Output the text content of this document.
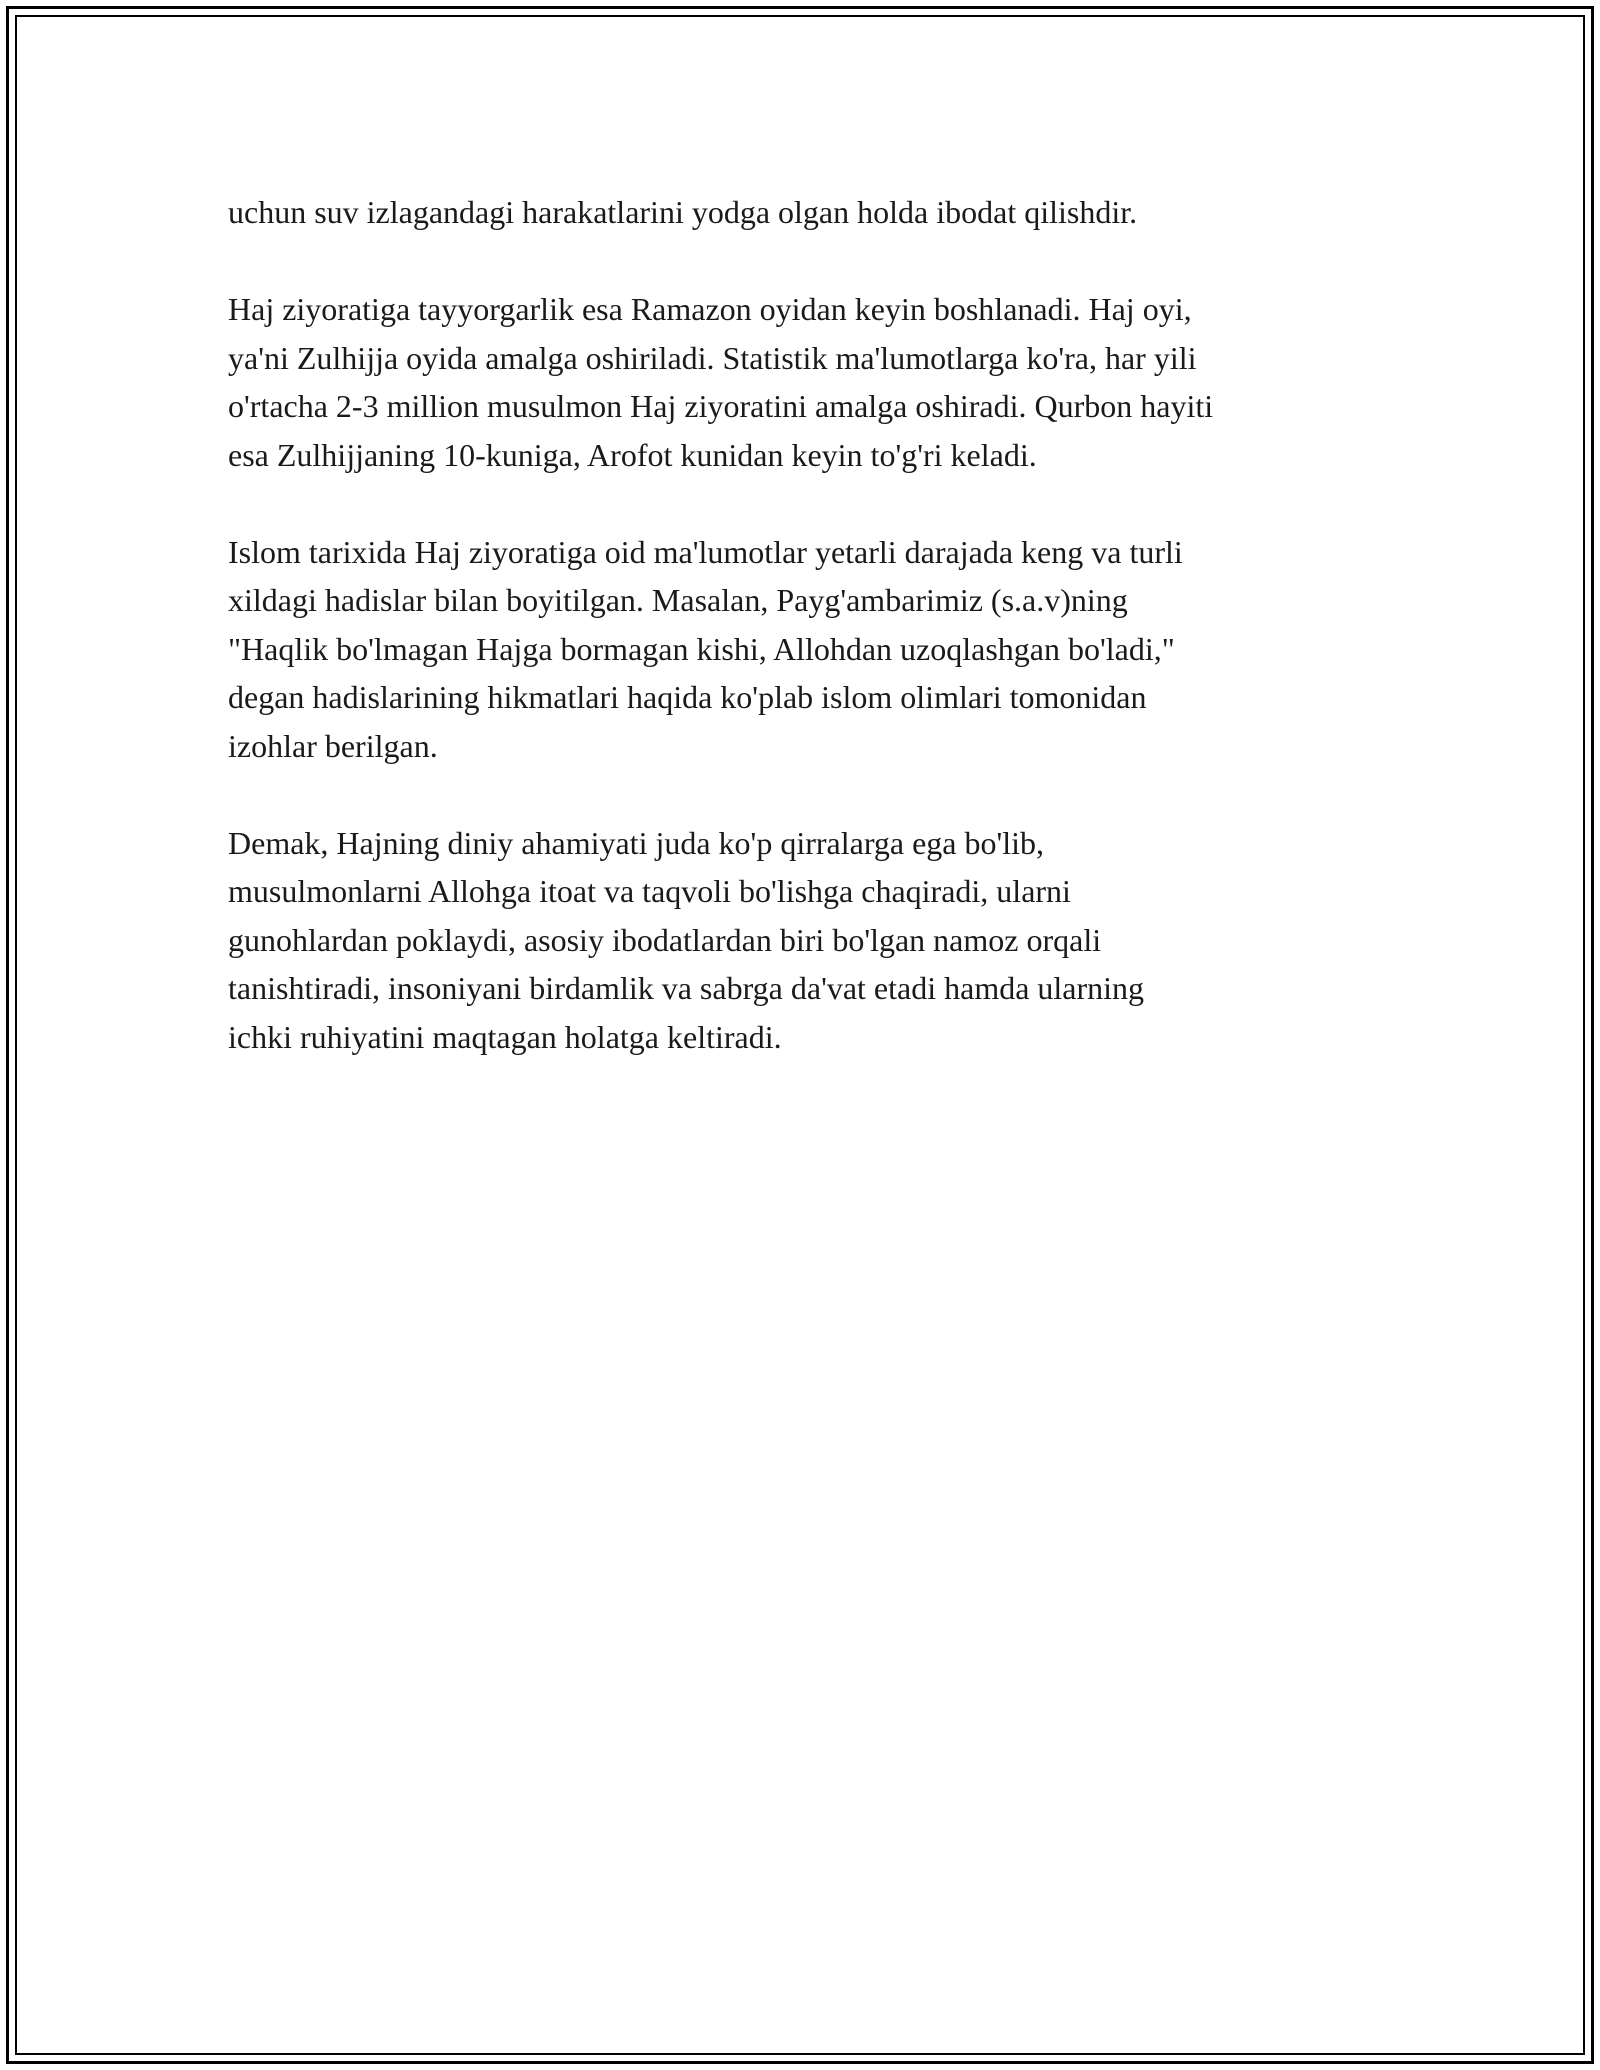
uchun suv izlagandagi harakatlarini yodga olgan holda ibodat qilishdir.

Haj ziyoratiga tayyorgarlik esa Ramazon oyidan keyin boshlanadi. Haj oyi,
ya'ni Zulhijja oyida amalga oshiriladi. Statistik ma'lumotlarga ko'ra, har yili
o'rtacha 2-3 million musulmon Haj ziyoratini amalga oshiradi. Qurbon hayiti
esa Zulhijjaning 10-kuniga, Arofot kunidan keyin to'g'ri keladi.

Islom tarixida Haj ziyoratiga oid ma'lumotlar yetarli darajada keng va turli
xildagi hadislar bilan boyitilgan. Masalan, Payg'ambarimiz (s.a.v)ning
"Haqlik bo'lmagan Hajga bormagan kishi, Allohdan uzoqlashgan bo'ladi,"
degan hadislarining hikmatlari haqida ko'plab islom olimlari tomonidan
izohlar berilgan.

Demak, Hajning diniy ahamiyati juda ko'p qirralarga ega bo'lib,
musulmonlarni Allohga itoat va taqvoli bo'lishga chaqiradi, ularni
gunohlardan poklaydi, asosiy ibodatlardan biri bo'lgan namoz orqali
tanishtiradi, insoniyani birdamlik va sabrga da'vat etadi hamda ularning
ichki ruhiyatini maqtagan holatga keltiradi.
